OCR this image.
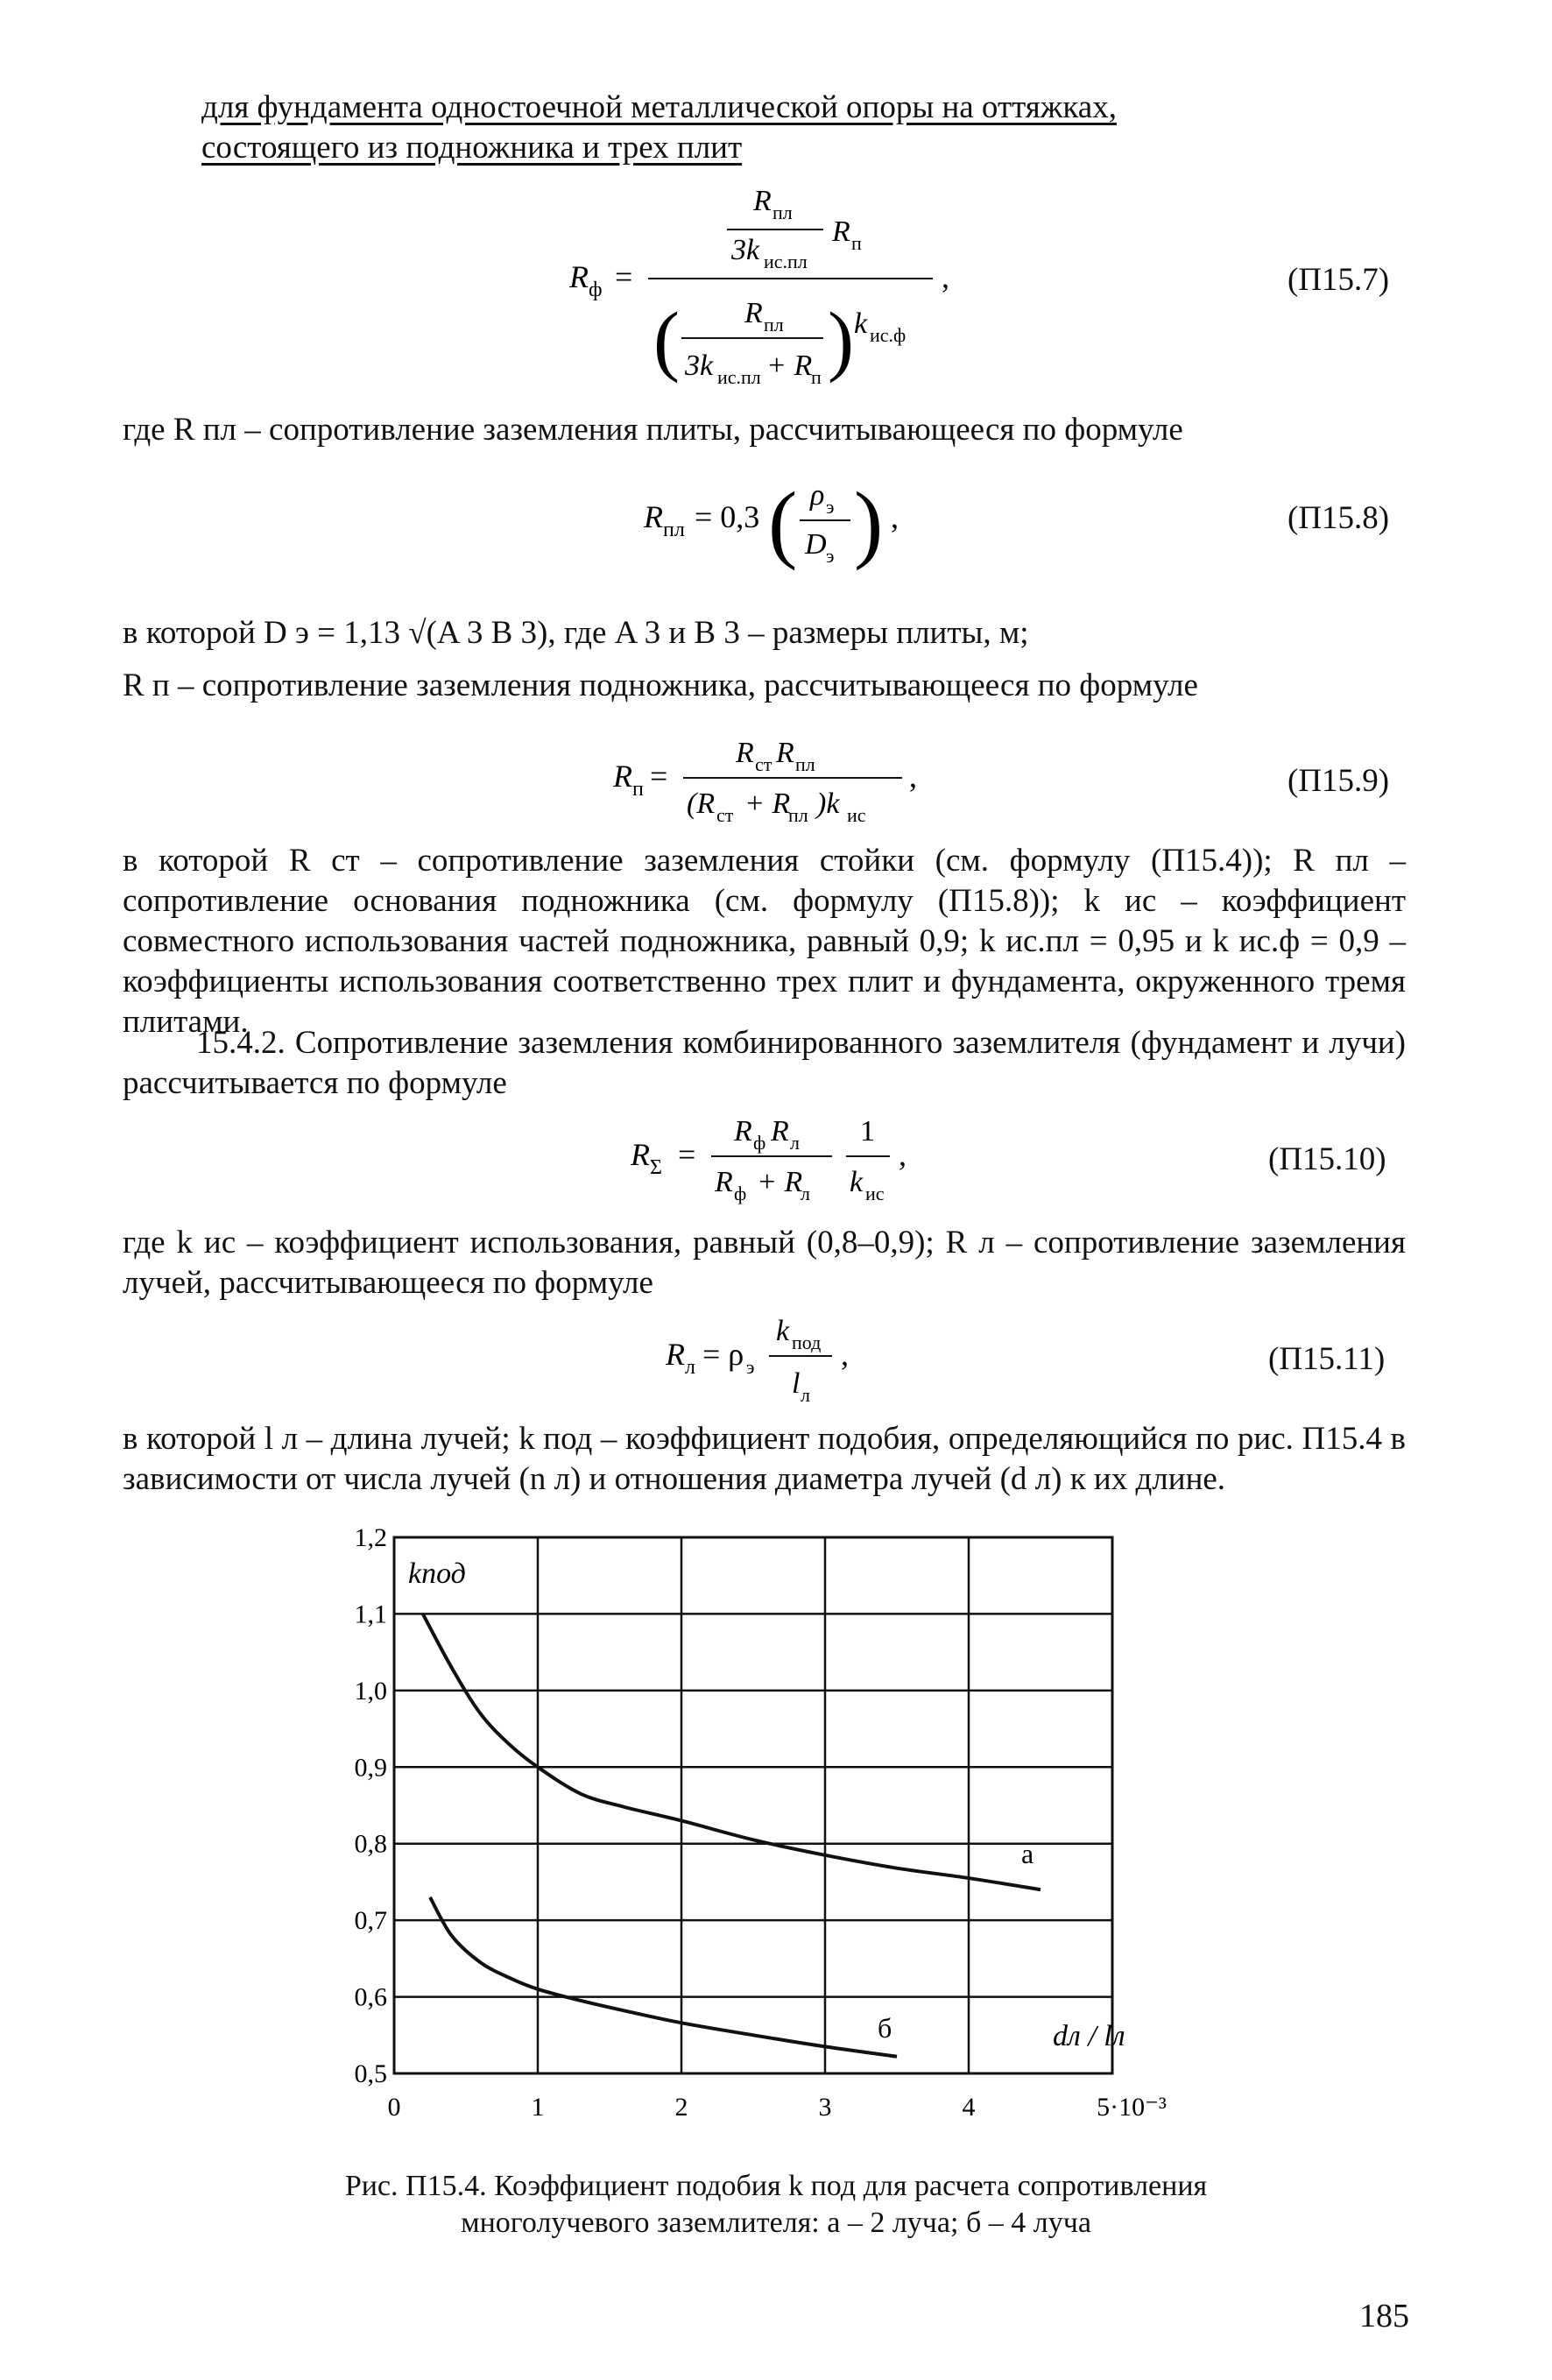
для фундамента одностоечной металлической опоры на оттяжках,
состоящего из подножника и трех плит
R ф =
R пл
3k ис.пл
R п
( R пл
3k ис.пл + R
п ) k ис.ф
,	(П15.7)
где R пл – сопротивление заземления плиты, рассчитывающееся по формуле
R пл = 0,3 ( ρ э
D э ) ,	(П15.8)
в которой D э = 1,13 √(A 3 B 3), где A 3 и B 3 – размеры плиты, м;
R п – сопротивление заземления подножника, рассчитывающееся по формуле
R п =
R ст R пл
(R ст + R
пл )k ис
,	(П15.9)
в которой R ст – сопротивление заземления стойки (см. формулу (П15.4)); R пл – сопротивление основания подножника (см. формулу (П15.8)); k ис – коэффициент совместного использования частей подножника, равный 0,9; k ис.пл = 0,95 и k ис.ф = 0,9 – коэффициенты использования соответственно трех плит и фундамента, окруженного тремя плитами.
15.4.2. Сопротивление заземления комбинированного заземлителя (фундамент и лучи) рассчитывается по формуле
R Σ =
R ф R л
R ф + R
л
1
k ис
,	(П15.10)
где k ис – коэффициент использования, равный (0,8–0,9); R л – сопротивление заземления лучей, рассчитывающееся по формуле
R л = ρ э
k под
l л
,	(П15.11)
в которой l л – длина лучей; k под – коэффициент подобия, определяющийся по рис. П15.4 в зависимости от числа лучей (n л) и отношения диаметра лучей (d л) к их длине.
а
б
0,5
0,6
0,7
0,8
0,9
1,0
1,1
1,2
0	1	2	3	4	5·10⁻³
kпод
dл / lл
Рис. П15.4. Коэффициент подобия k под для расчета сопротивления
многолучевого заземлителя: а – 2 луча; б – 4 луча
185
